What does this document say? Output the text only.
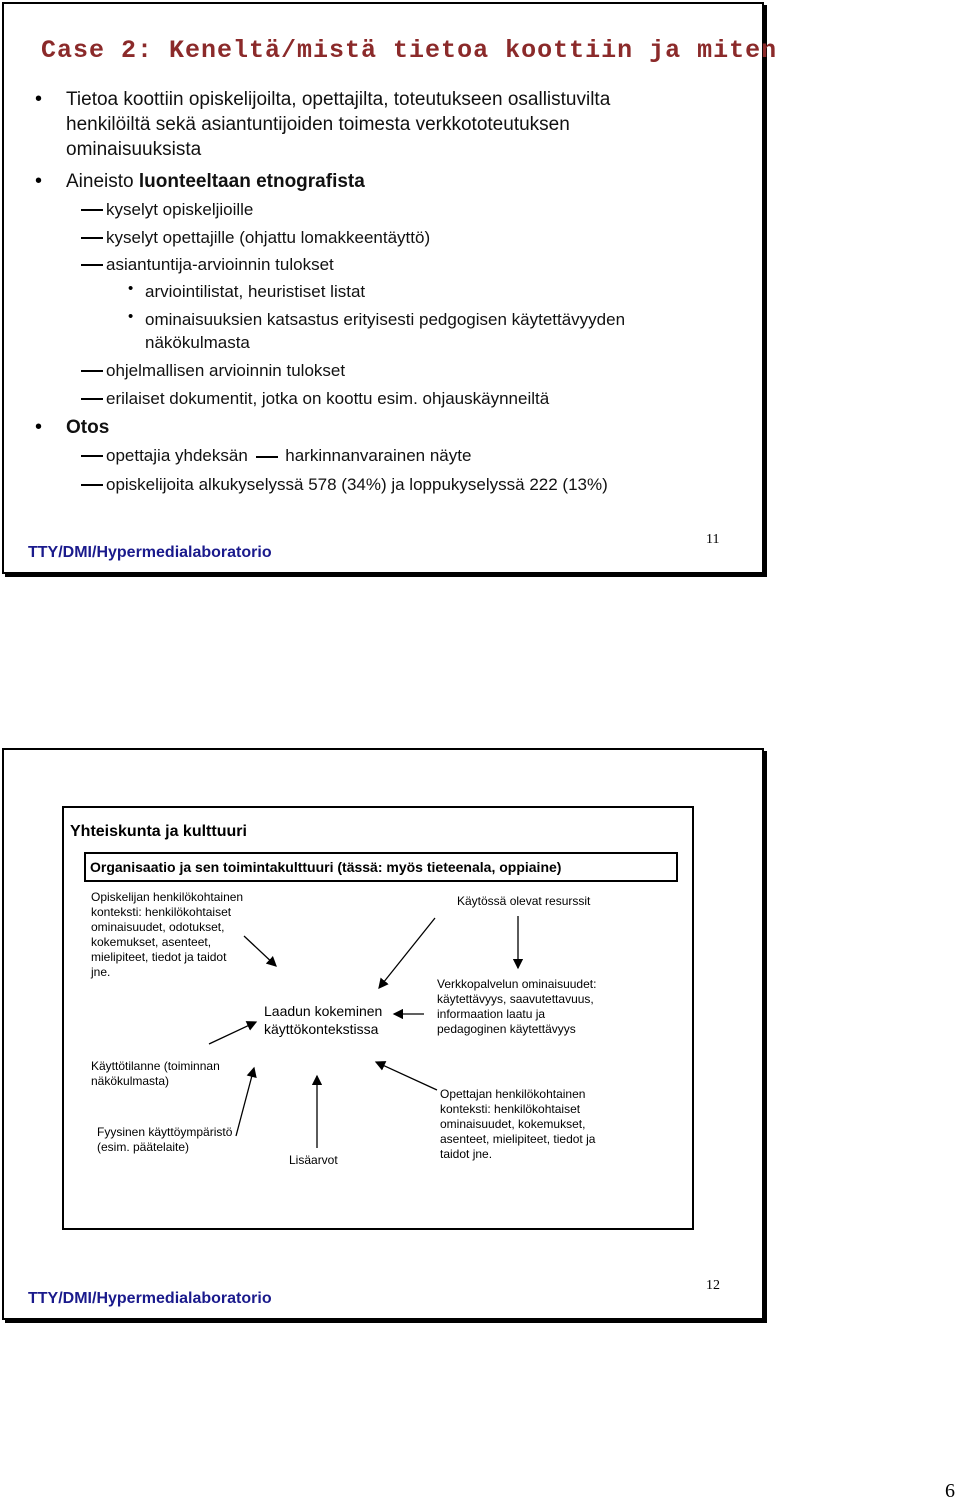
Case 2: Keneltä/mistä tietoa koottiin ja miten
• Tietoa koottiin opiskelijoilta, opettajilta, toteutukseen osallistuvilta
henkilöiltä sekä asiantuntijoiden toimesta verkkototeutuksen
ominaisuuksista
• Aineisto luonteeltaan etnografista
kyselyt opiskeljioille
kyselyt opettajille (ohjattu lomakkeentäyttö)
asiantuntija-arvioinnin tulokset
• arviointilistat, heuristiset listat
• ominaisuuksien katsastus erityisesti pedgogisen käytettävyyden
näkökulmasta
ohjelmallisen arvioinnin tulokset
erilaiset dokumentit, jotka on koottu esim. ohjauskäynneiltä
• Otos
opettajia yhdeksän harkinnanvarainen näyte
opiskelijoita alkukyselyssä 578 (34%) ja loppukyselyssä 222 (13%)
TTY/DMI/Hypermedialaboratorio
11
Yhteiskunta ja kulttuuri
Organisaatio ja sen toimintakulttuuri (tässä: myös tieteenala, oppiaine)
Opiskelijan henkilökohtainen
konteksti: henkilökohtaiset
ominaisuudet, odotukset,
kokemukset, asenteet,
mielipiteet, tiedot ja taidot
jne.
Käytössä olevat resurssit
Verkkopalvelun ominaisuudet:
käytettävyys, saavutettavuus,
informaation laatu ja
pedagoginen käytettävyys
Laadun kokeminen
käyttökontekstissa
Käyttötilanne (toiminnan
näkökulmasta)
Fyysinen käyttöympäristö
(esim. päätelaite)
Lisäarvot
Opettajan henkilökohtainen
konteksti: henkilökohtaiset
ominaisuudet, kokemukset,
asenteet, mielipiteet, tiedot ja
taidot jne.
TTY/DMI/Hypermedialaboratorio
12
6
